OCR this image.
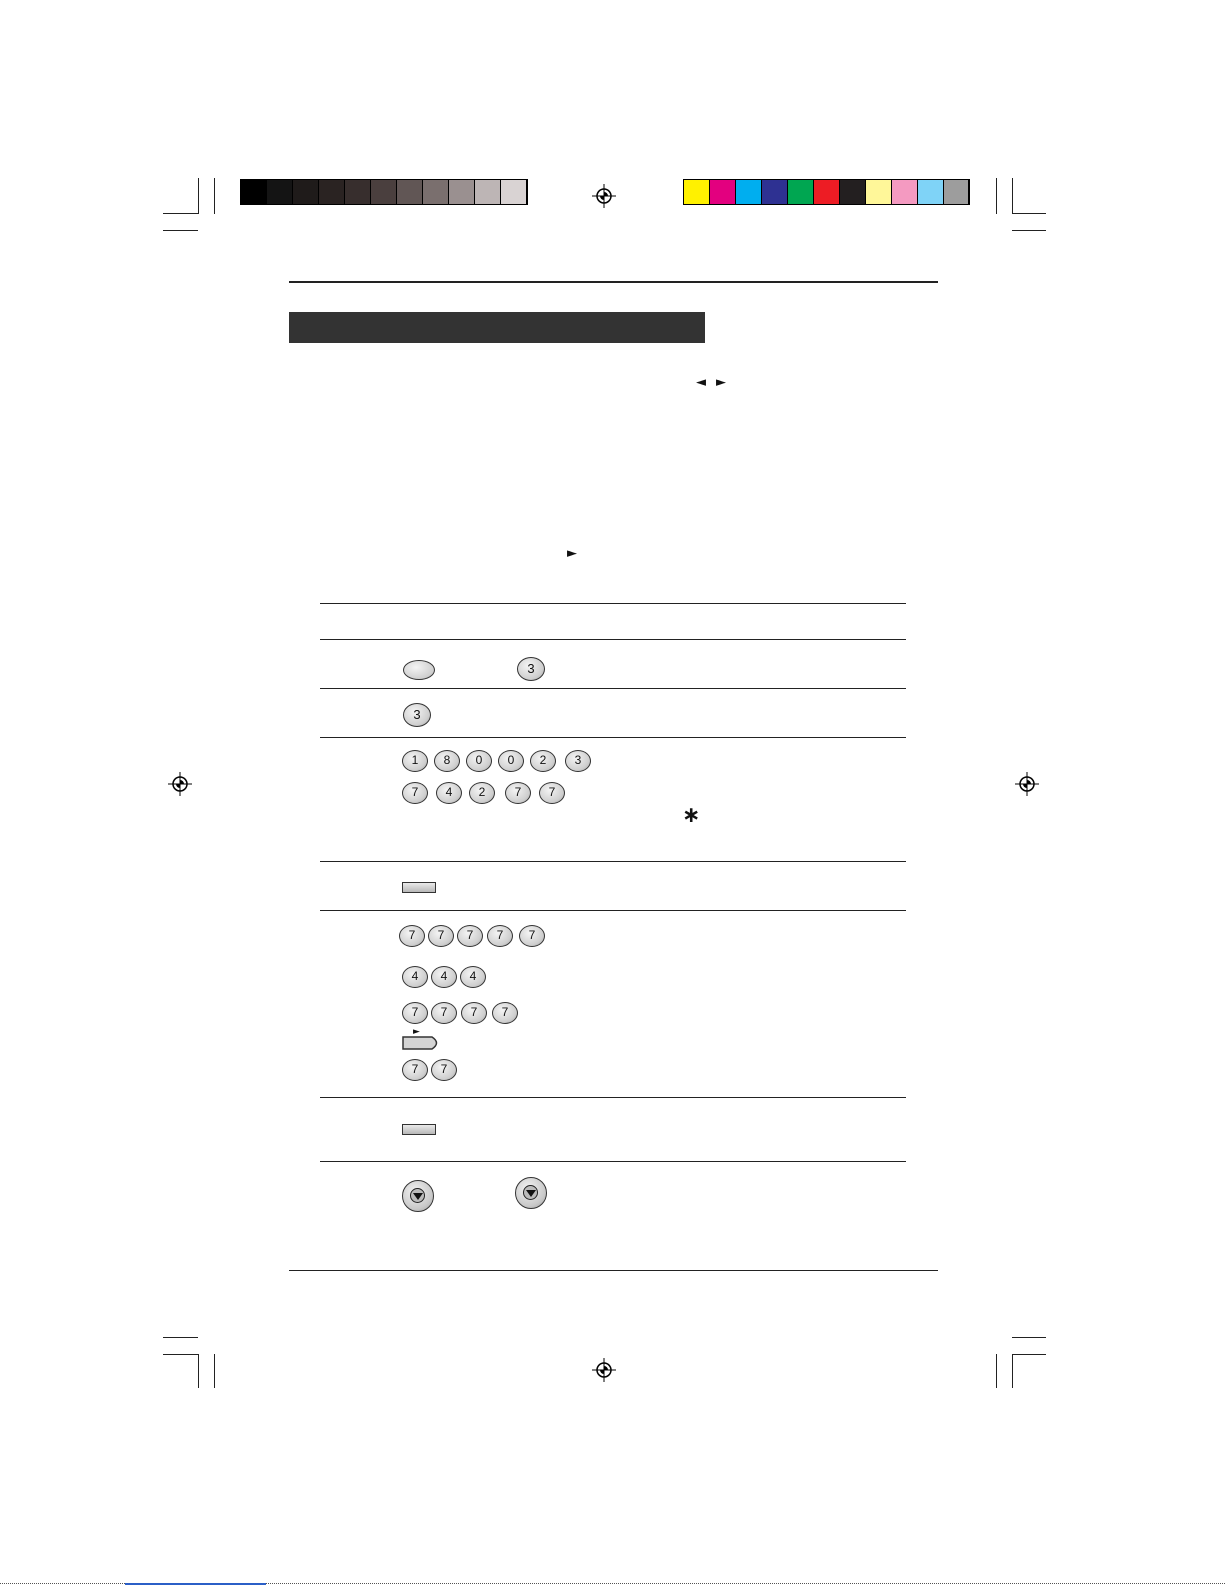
◄ ►
►
3
3
1	8	0	0	2	3
7	4	2	7	7
∗
7	7	7	7	7
4	4	4
7	7	7	7
►
7	7
